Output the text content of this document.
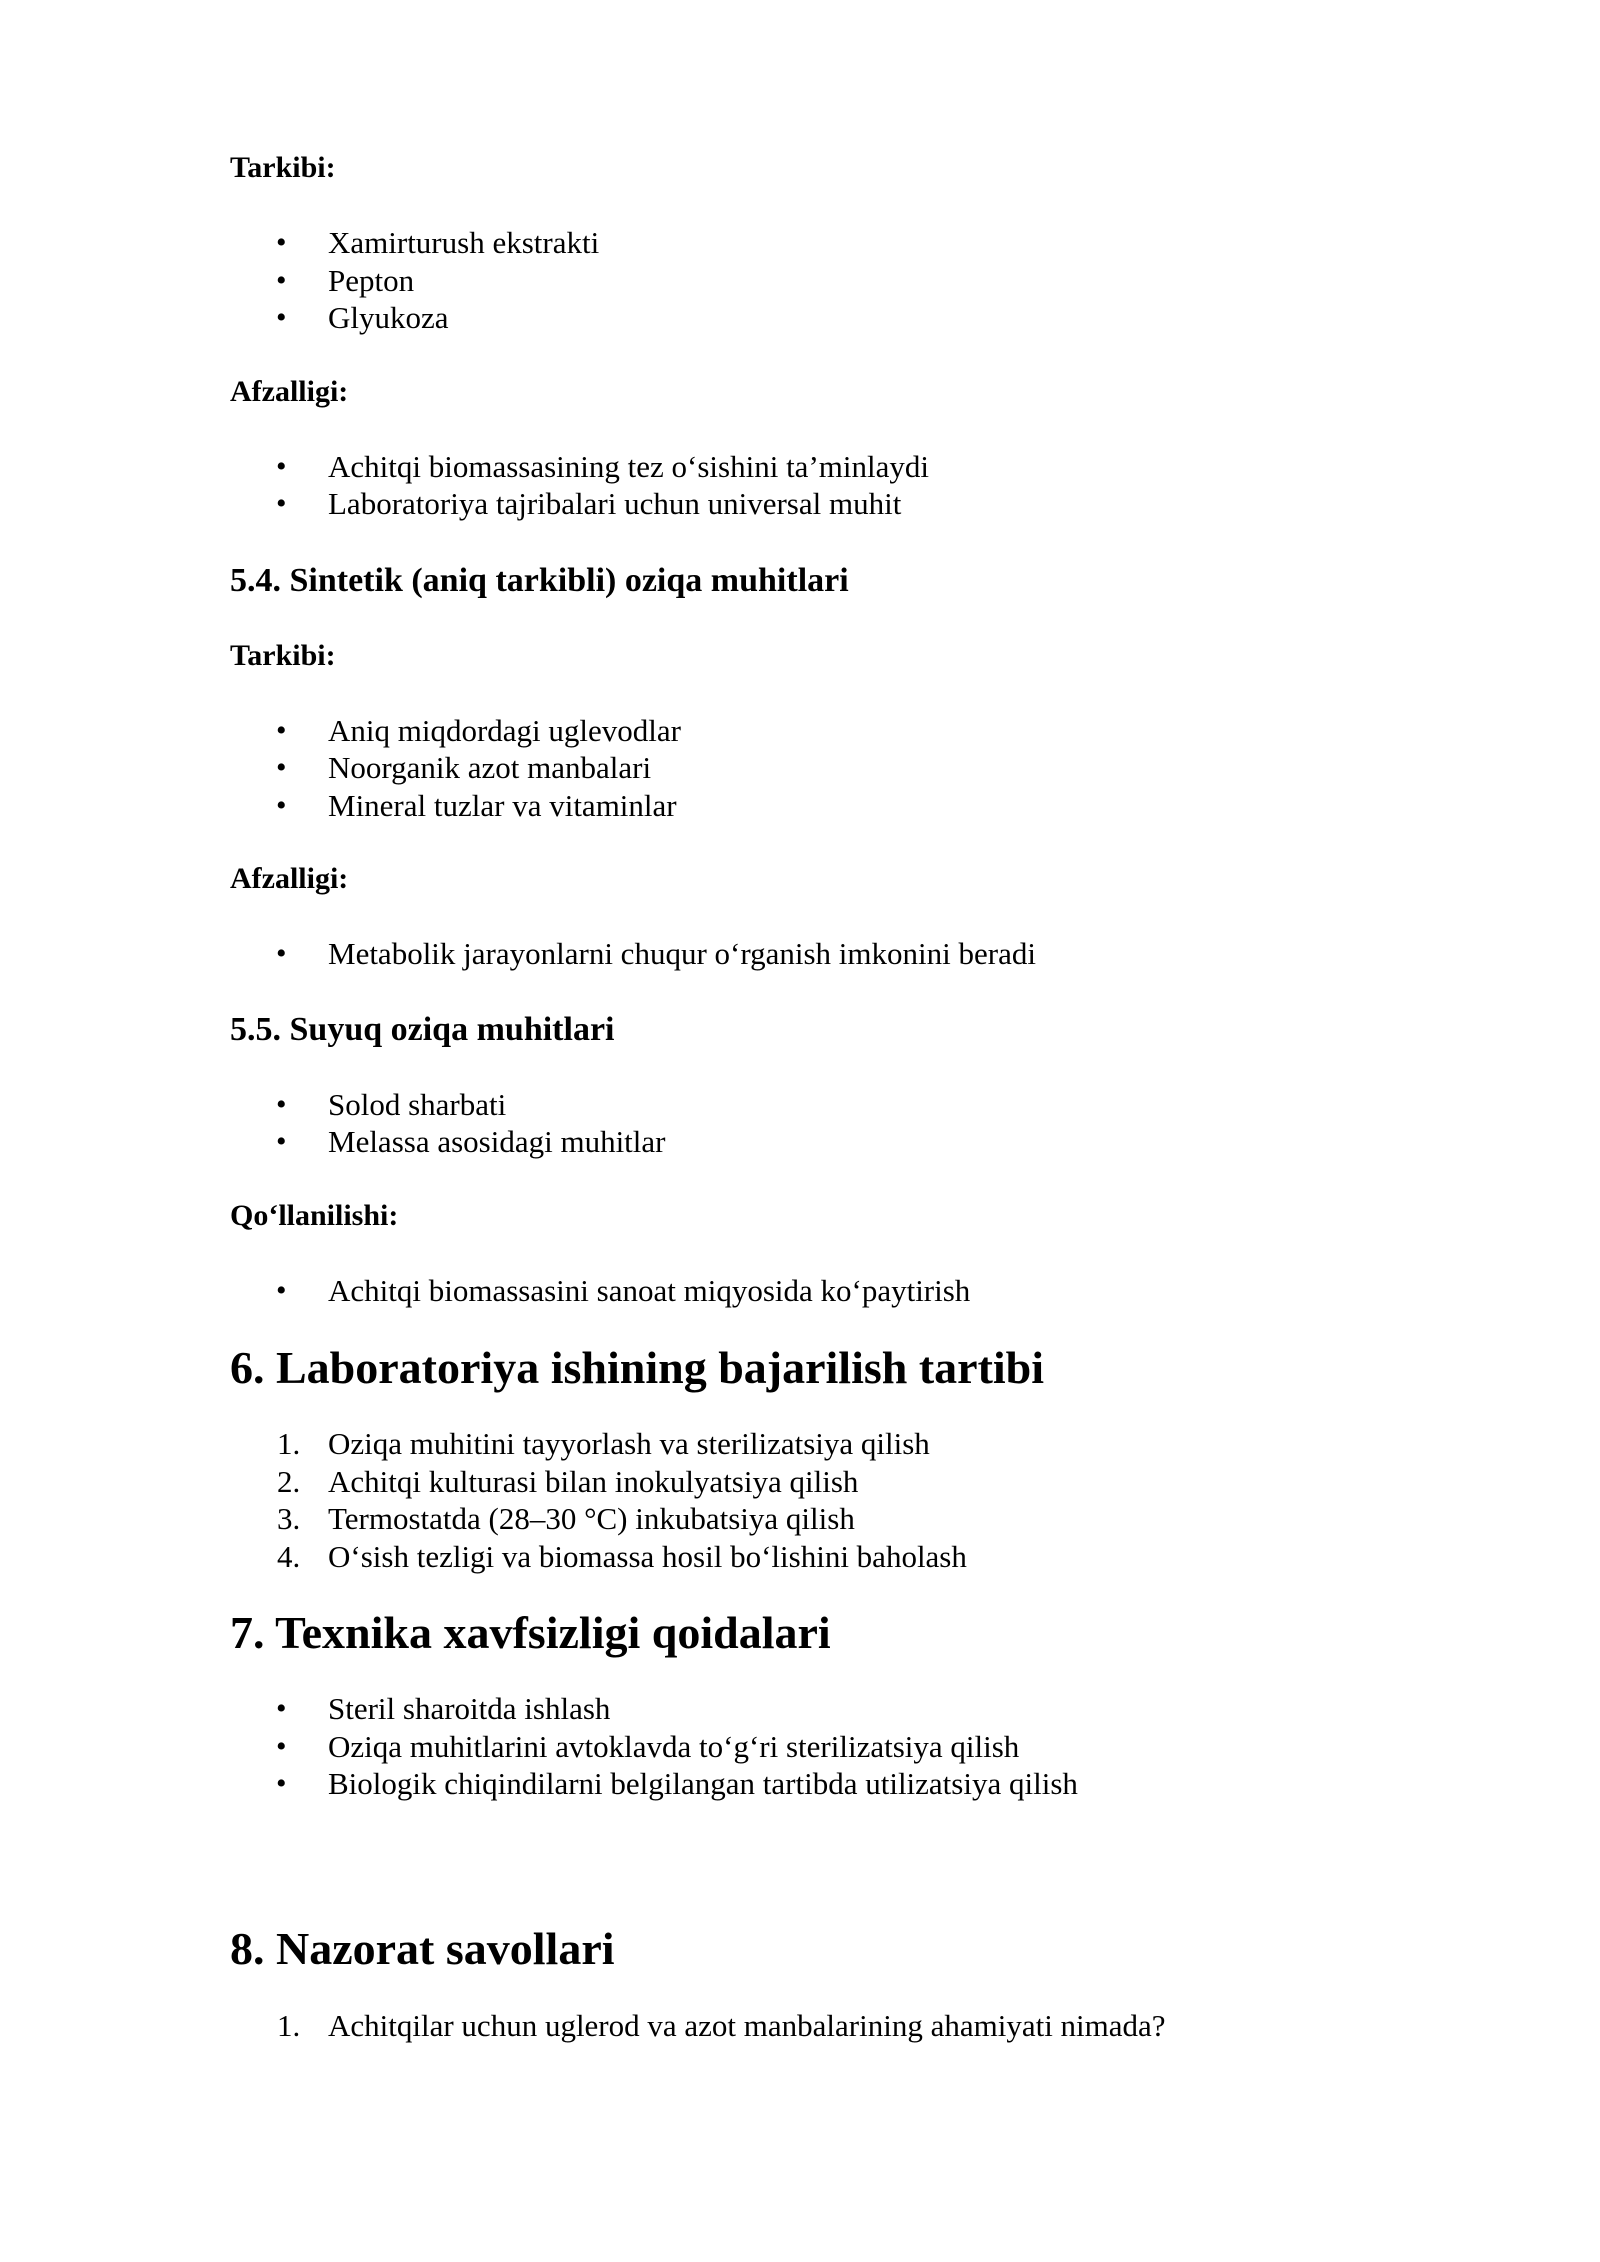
Tarkibi:

• Xamirturush ekstrakti
• Pepton
• Glyukoza

Afzalligi:

• Achitqi biomassasining tez o‘sishini ta’minlaydi
• Laboratoriya tajribalari uchun universal muhit
5.4. Sintetik (aniq tarkibli) oziqa muhitlari

Tarkibi:

• Aniq miqdordagi uglevodlar
• Noorganik azot manbalari
• Mineral tuzlar va vitaminlar

Afzalligi:

• Metabolik jarayonlarni chuqur o‘rganish imkonini beradi
5.5. Suyuq oziqa muhitlari
• Solod sharbati
• Melassa asosidagi muhitlar

Qo‘llanilishi:

• Achitqi biomassasini sanoat miqyosida ko‘paytirish
6. Laboratoriya ishining bajarilish tartibi
1. Oziqa muhitini tayyorlash va sterilizatsiya qilish
2. Achitqi kulturasi bilan inokulyatsiya qilish
3. Termostatda (28–30 °C) inkubatsiya qilish
4. O‘sish tezligi va biomassa hosil bo‘lishini baholash
7. Texnika xavfsizligi qoidalari
• Steril sharoitda ishlash
• Oziqa muhitlarini avtoklavda to‘g‘ri sterilizatsiya qilish
• Biologik chiqindilarni belgilangan tartibda utilizatsiya qilish
8. Nazorat savollari
1. Achitqilar uchun uglerod va azot manbalarining ahamiyati nimada?
